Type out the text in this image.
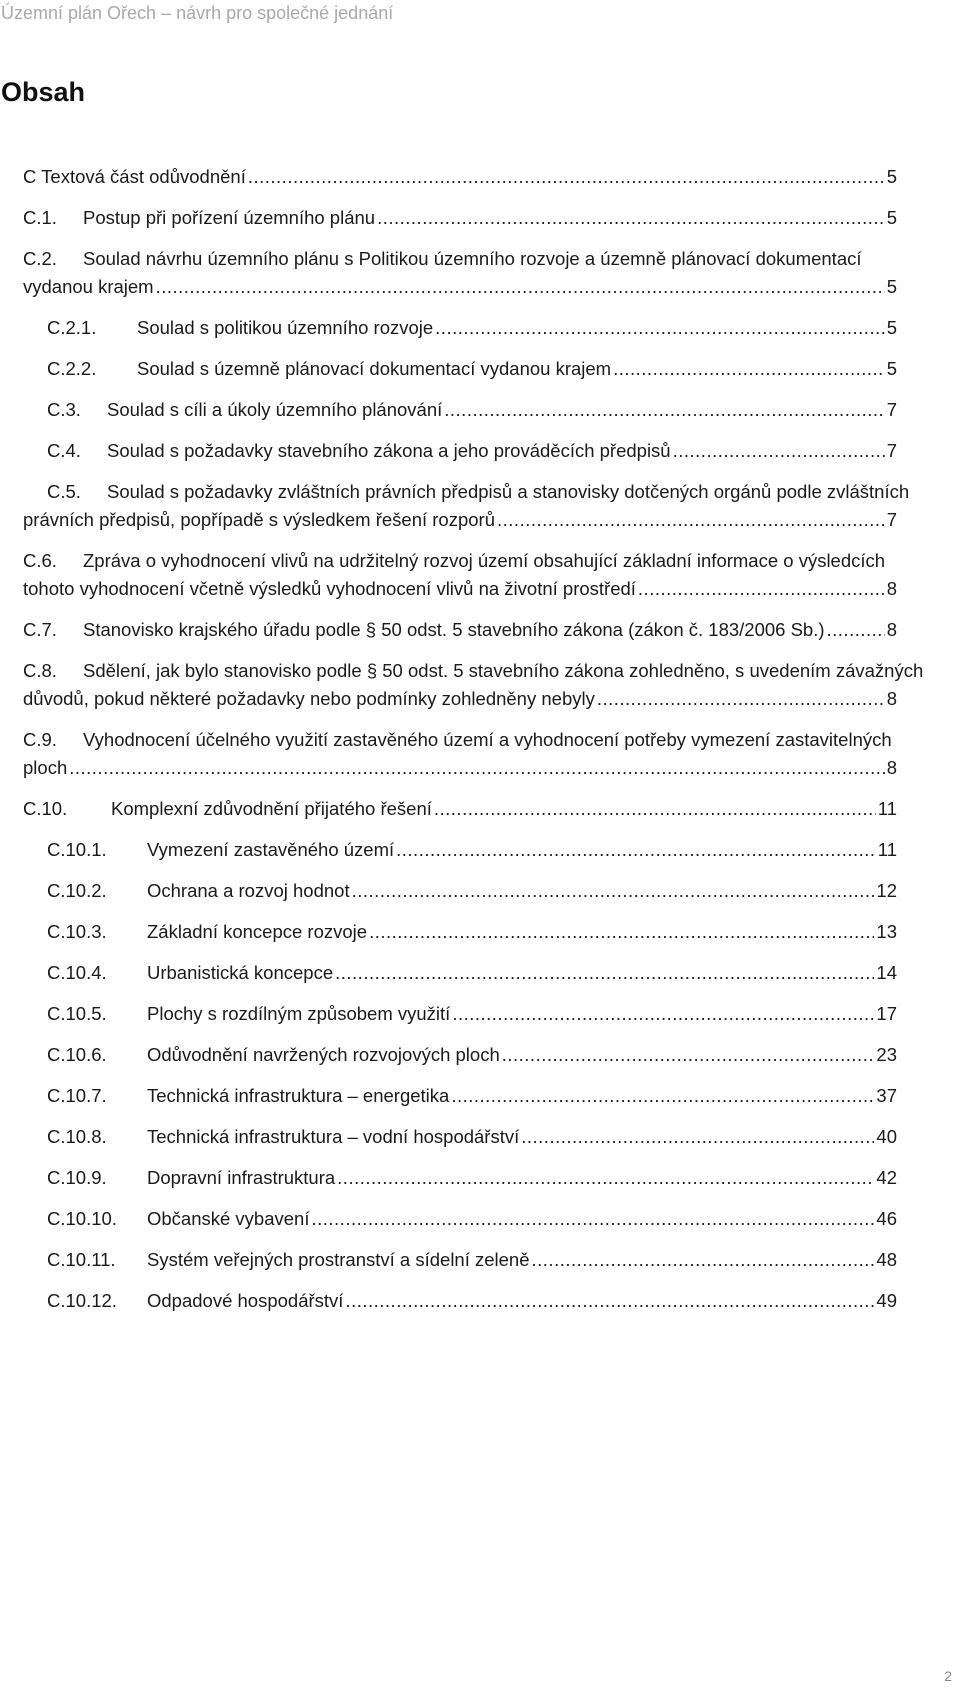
Územní plán Ořech – návrh pro společné jednání
Obsah
C Textová část odůvodnění .....	5
C.1.	Postup při pořízení územního plánu .....	5
C.2.	Soulad návrhu územního plánu s Politikou územního rozvoje a územně plánovací dokumentací
vydanou krajem .....	5
C.2.1.	Soulad s politikou územního rozvoje .....	5
C.2.2.	Soulad s územně plánovací dokumentací vydanou krajem .....	5
C.3.	Soulad s cíli a úkoly územního plánování .....	7
C.4.	Soulad s požadavky stavebního zákona a jeho prováděcích předpisů .....	7
C.5.	Soulad s požadavky zvláštních právních předpisů a stanovisky dotčených orgánů podle zvláštních
právních předpisů, popřípadě s výsledkem řešení rozporů .....	7
C.6.	Zpráva o vyhodnocení vlivů na udržitelný rozvoj území obsahující základní informace o výsledcích
tohoto vyhodnocení včetně výsledků vyhodnocení vlivů na životní prostředí .....	8
C.7.	Stanovisko krajského úřadu podle § 50 odst. 5 stavebního zákona (zákon č. 183/2006 Sb.) .....	8
C.8.	Sdělení, jak bylo stanovisko podle § 50 odst. 5 stavebního zákona zohledněno, s uvedením závažných
důvodů, pokud některé požadavky nebo podmínky zohledněny nebyly .....	8
C.9.	Vyhodnocení účelného využití zastavěného území a vyhodnocení potřeby vymezení zastavitelných
ploch .....	8
C.10.	Komplexní zdůvodnění přijatého řešení .....	11
C.10.1.	Vymezení zastavěného území .....	11
C.10.2.	Ochrana a rozvoj hodnot .....	12
C.10.3.	Základní koncepce rozvoje .....	13
C.10.4.	Urbanistická koncepce .....	14
C.10.5.	Plochy s rozdílným způsobem využití .....	17
C.10.6.	Odůvodnění navržených rozvojových ploch .....	23
C.10.7.	Technická infrastruktura – energetika .....	37
C.10.8.	Technická infrastruktura – vodní hospodářství .....	40
C.10.9.	Dopravní infrastruktura .....	42
C.10.10.	Občanské vybavení .....	46
C.10.11.	Systém veřejných prostranství a sídelní zeleně .....	48
C.10.12.	Odpadové hospodářství .....	49
2
